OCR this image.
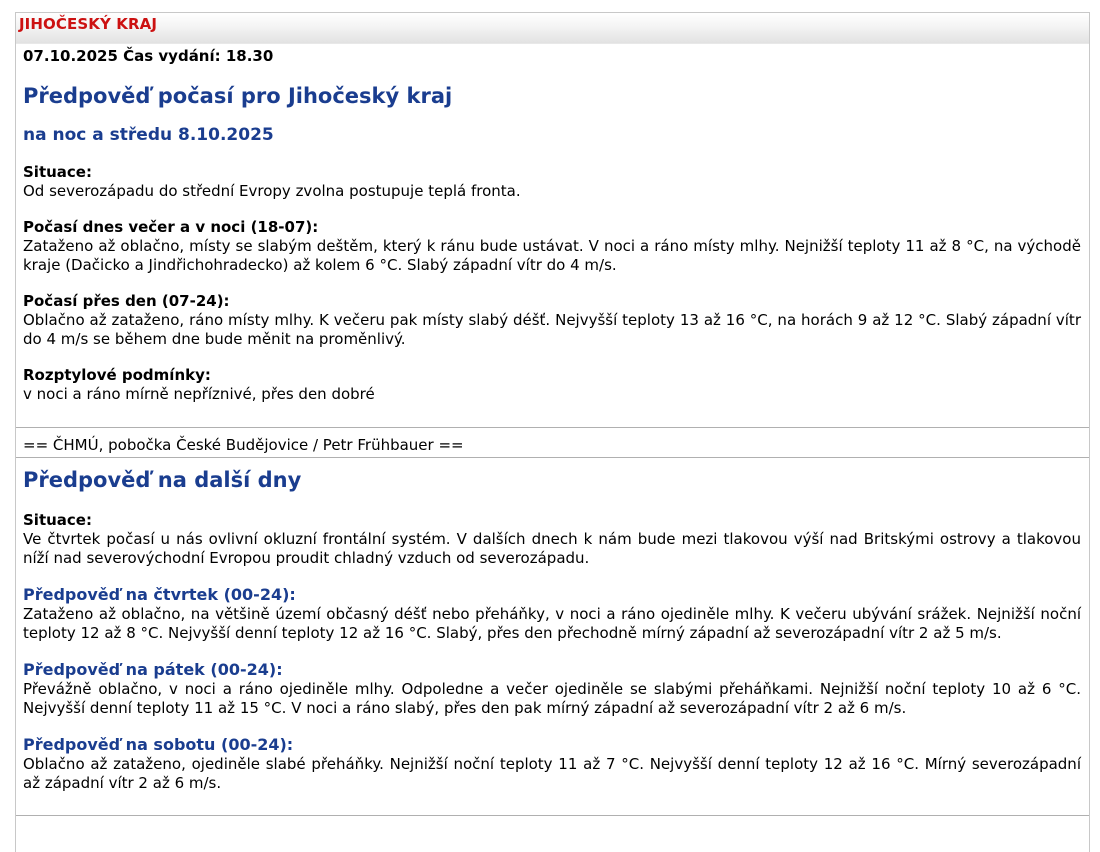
JIHOČESKÝ KRAJ
07.10.2025 Čas vydání: 18.30
Předpověď počasí pro Jihočeský kraj
na noc a středu 8.10.2025
Situace:
Od severozápadu do střední Evropy zvolna postupuje teplá fronta.
Počasí dnes večer a v noci (18-07):
Zataženo až oblačno, místy se slabým deštěm, který k ránu bude ustávat. V noci a ráno místy mlhy. Nejnižší teploty 11 až 8 °C, na východě kraje (Dačicko a Jindřichohradecko) až kolem 6 °C. Slabý západní vítr do 4 m/s.
Počasí přes den (07-24):
Oblačno až zataženo, ráno místy mlhy. K večeru pak místy slabý déšť. Nejvyšší teploty 13 až 16 °C, na horách 9 až 12 °C. Slabý západní vítr do 4 m/s se během dne bude měnit na proměnlivý.
Rozptylové podmínky:
v noci a ráno mírně nepříznivé, přes den dobré
== ČHMÚ, pobočka České Budějovice / Petr Frühbauer ==
Předpověď na další dny
Situace:
Ve čtvrtek počasí u nás ovlivní okluzní frontální systém. V dalších dnech k nám bude mezi tlakovou výší nad Britskými ostrovy a tlakovou níží nad severovýchodní Evropou proudit chladný vzduch od severozápadu.
Předpověď na čtvrtek (00-24):
Zataženo až oblačno, na většině území občasný déšť nebo přeháňky, v noci a ráno ojediněle mlhy. K večeru ubývání srážek. Nejnižší noční teploty 12 až 8 °C. Nejvyšší denní teploty 12 až 16 °C. Slabý, přes den přechodně mírný západní až severozápadní vítr 2 až 5 m/s.
Předpověď na pátek (00-24):
Převážně oblačno, v noci a ráno ojediněle mlhy. Odpoledne a večer ojediněle se slabými přeháňkami. Nejnižší noční teploty 10 až 6 °C. Nejvyšší denní teploty 11 až 15 °C. V noci a ráno slabý, přes den pak mírný západní až severozápadní vítr 2 až 6 m/s.
Předpověď na sobotu (00-24):
Oblačno až zataženo, ojediněle slabé přeháňky. Nejnižší noční teploty 11 až 7 °C. Nejvyšší denní teploty 12 až 16 °C. Mírný severozápadní až západní vítr 2 až 6 m/s.
